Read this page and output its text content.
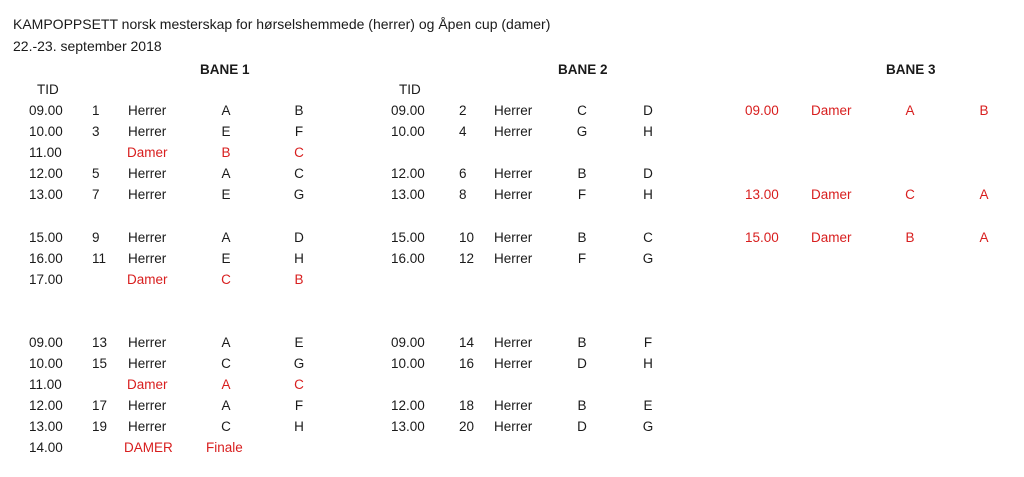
KAMPOPPSETT norsk mesterskap for hørselshemmede (herrer) og Åpen cup (damer)
22.-23. september 2018
BANE 1	BANE 2	BANE 3
TID	TID
09.00 1 Herrer	A	B
10.00 3 Herrer	E	F
11.00	Damer	B	C
12.00 5 Herrer	A	C
13.00 7 Herrer	E	G
15.00 9 Herrer	A	D
16.00 11 Herrer	E	H
17.00	Damer	C	B
09.00 13 Herrer	A	E
10.00 15 Herrer	C	G
11.00	Damer	A	C
12.00 17 Herrer	A	F
13.00 19 Herrer	C	H
14.00	DAMER Finale
09.00	2 Herrer	C	D
10.00	4 Herrer	G	H
12.00	6 Herrer	B	D
13.00	8 Herrer	F	H
15.00	10 Herrer	B	C
16.00	12 Herrer	F	G
09.00	14 Herrer	B	F
10.00	16 Herrer	D	H
12.00	18 Herrer	B	E
13.00	20 Herrer	D	G
09.00 Damer	A	B
13.00 Damer	C	A
15.00 Damer	B	A
